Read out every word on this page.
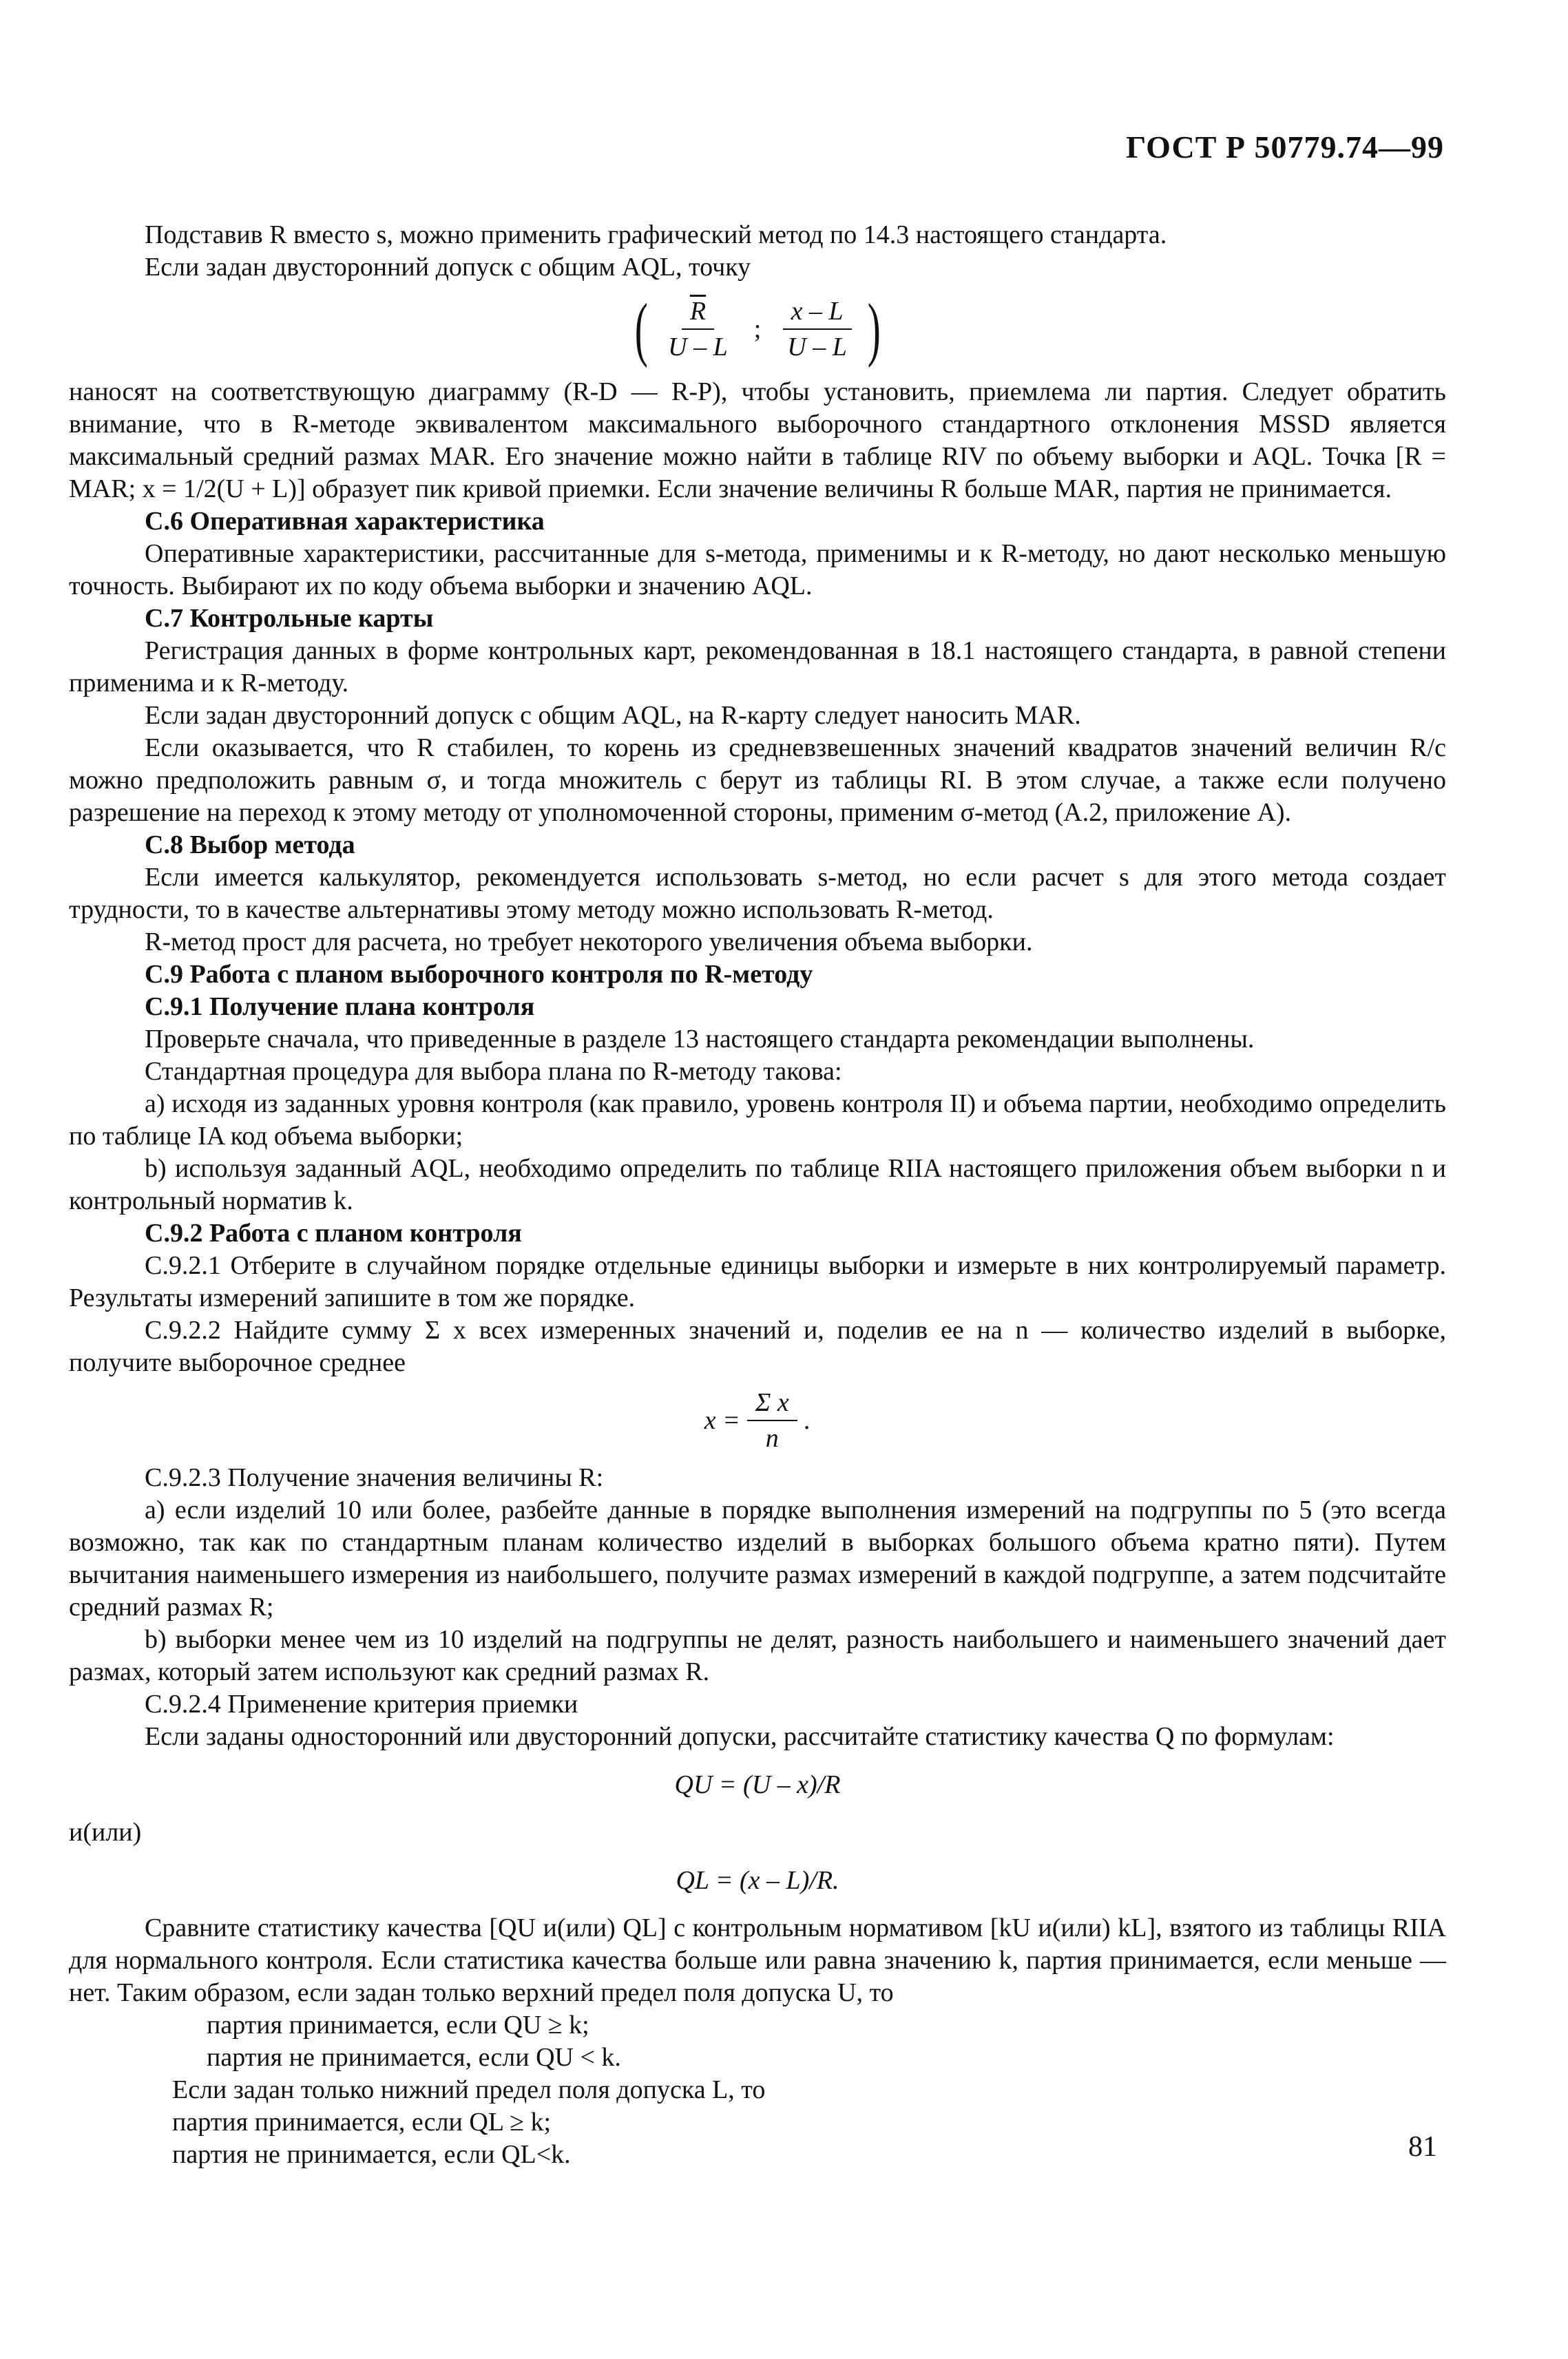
ГОСТ Р 50779.74—99

Подставив R вместо s, можно применить графический метод по 14.3 настоящего стандарта.

Если задан двусторонний допуск с общим AQL, точку

( $\frac{\overline{R}}{U - L}$ ; $\frac{x - L}{U - L}$ )

наносят на соответствующую диаграмму (R-D — R-P), чтобы установить, приемлема ли партия. Следует обратить внимание, что в R-методе эквивалентом максимального выборочного стандартного отклонения MSSD является максимальный средний размах MAR. Его значение можно найти в таблице RIV по объему выборки и AQL. Точка [R = MAR; x = 1/2(U + L)] образует пик кривой приемки. Если значение величины R больше MAR, партия не принимается.

С.6 Оперативная характеристика

Оперативные характеристики, рассчитанные для s-метода, применимы и к R-методу, но дают несколько меньшую точность. Выбирают их по коду объема выборки и значению AQL.

С.7 Контрольные карты

Регистрация данных в форме контрольных карт, рекомендованная в 18.1 настоящего стандарта, в равной степени применима и к R-методу.

Если задан двусторонний допуск с общим AQL, на R-карту следует наносить MAR.

Если оказывается, что R стабилен, то корень из средневзвешенных значений квадратов значений величин R/c можно предположить равным σ, и тогда множитель c берут из таблицы RI. В этом случае, а также если получено разрешение на переход к этому методу от уполномоченной стороны, применим σ-метод (А.2, приложение А).

С.8 Выбор метода

Если имеется калькулятор, рекомендуется использовать s-метод, но если расчет s для этого метода создает трудности, то в качестве альтернативы этому методу можно использовать R-метод.

R-метод прост для расчета, но требует некоторого увеличения объема выборки.

С.9 Работа с планом выборочного контроля по R-методу

С.9.1 Получение плана контроля

Проверьте сначала, что приведенные в разделе 13 настоящего стандарта рекомендации выполнены.

Стандартная процедура для выбора плана по R-методу такова:

а) исходя из заданных уровня контроля (как правило, уровень контроля II) и объема партии, необходимо определить по таблице IA код объема выборки;

b) используя заданный AQL, необходимо определить по таблице RIIA настоящего приложения объем выборки n и контрольный норматив k.

С.9.2 Работа с планом контроля

С.9.2.1 Отберите в случайном порядке отдельные единицы выборки и измерьте в них контролируемый параметр. Результаты измерений запишите в том же порядке.

С.9.2.2 Найдите сумму Σ x всех измеренных значений и, поделив ее на n — количество изделий в выборке, получите выборочное среднее

$x = \frac{\text{Σ x}}{n}$ .

С.9.2.3 Получение значения величины R:

а) если изделий 10 или более, разбейте данные в порядке выполнения измерений на подгруппы по 5 (это всегда возможно, так как по стандартным планам количество изделий в выборках большого объема кратно пяти). Путем вычитания наименьшего измерения из наибольшего, получите размах измерений в каждой подгруппе, а затем подсчитайте средний размах R;

b) выборки менее чем из 10 изделий на подгруппы не делят, разность наибольшего и наименьшего значений дает размах, который затем используют как средний размах R.

С.9.2.4 Применение критерия приемки

Если заданы односторонний или двусторонний допуски, рассчитайте статистику качества Q по формулам:

QU = (U – x)/R

и(или)

QL = (x – L)/R.

Сравните статистику качества [QU и(или) QL] с контрольным нормативом [kU и(или) kL], взятого из таблицы RIIA для нормального контроля. Если статистика качества больше или равна значению k, партия принимается, если меньше — нет. Таким образом, если задан только верхний предел поля допуска U, то

партия принимается, если QU ≥ k;

партия не принимается, если QU < k.

Если задан только нижний предел поля допуска L, то

партия принимается, если QL ≥ k;

партия не принимается, если QL<k.	81
